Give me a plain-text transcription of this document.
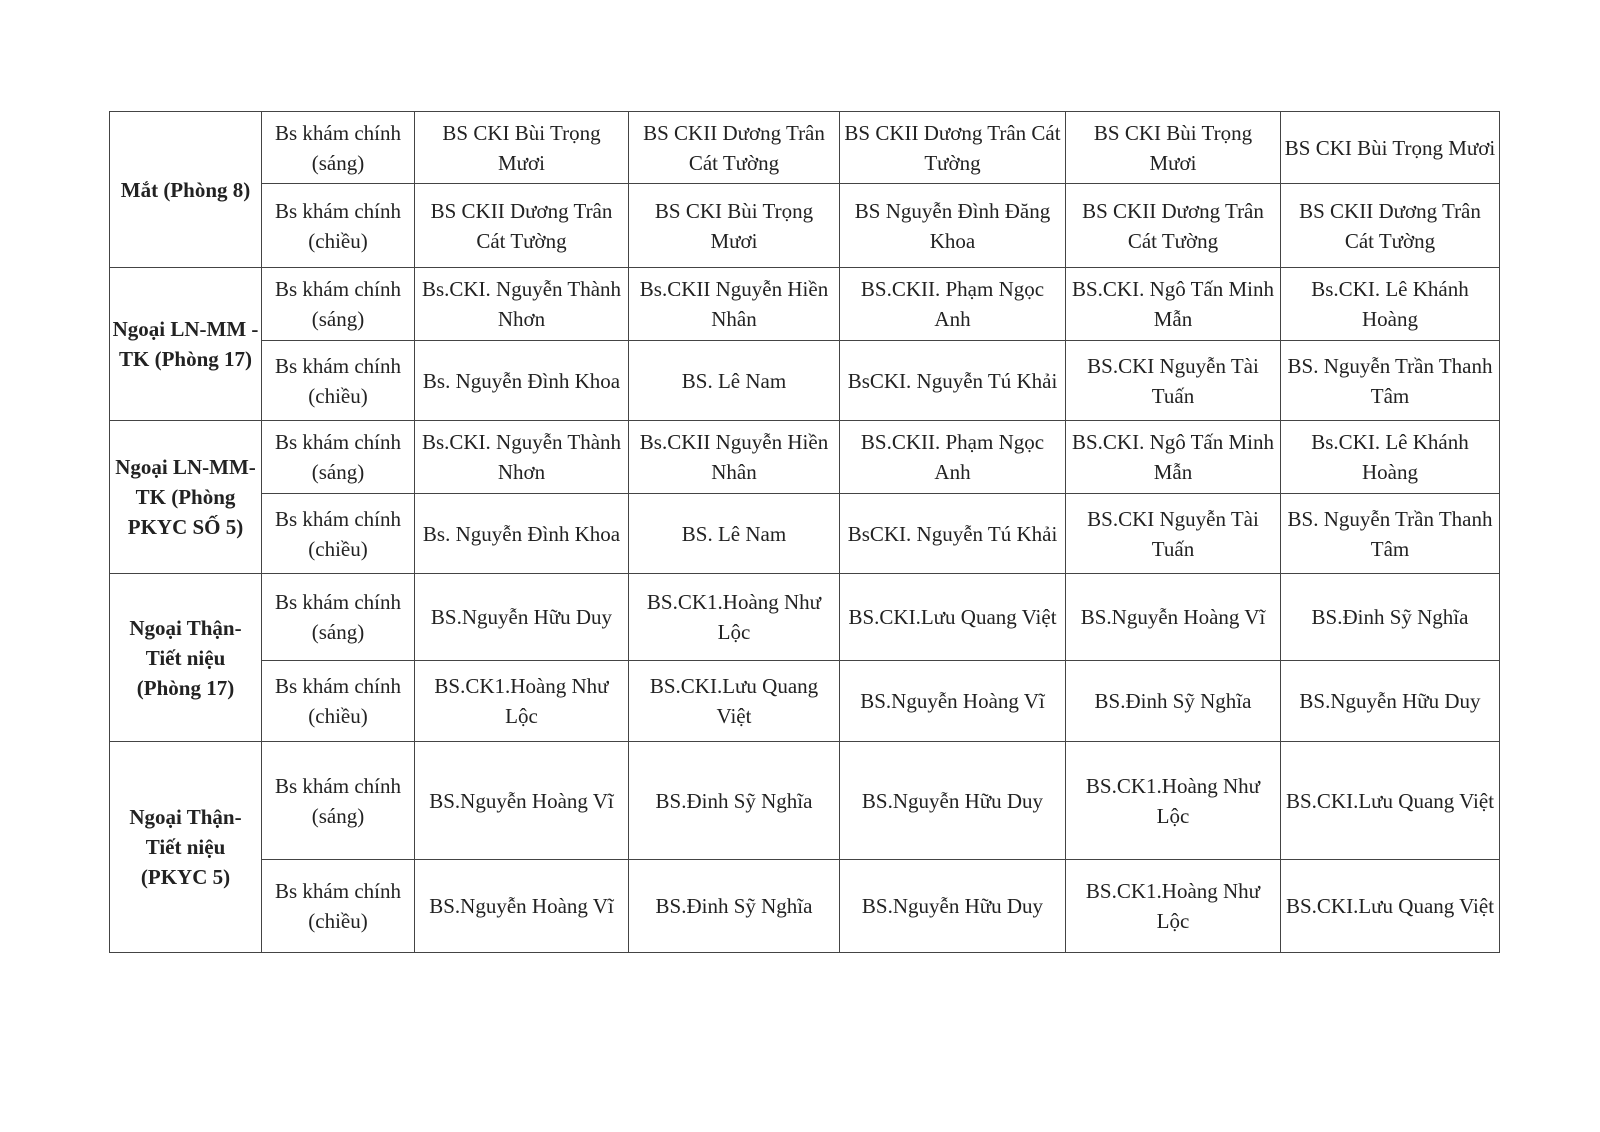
Mắt (Phòng 8)	Bs khám chính (sáng)	BS CKI Bùi Trọng Mươi	BS CKII Dương Trân Cát Tường	BS CKII Dương Trân Cát Tường	BS CKI Bùi Trọng Mươi	BS CKI Bùi Trọng Mươi
	Bs khám chính (chiều)	BS CKII Dương Trân Cát Tường	BS CKI Bùi Trọng Mươi	BS Nguyễn Đình Đăng Khoa	BS CKII Dương Trân Cát Tường	BS CKII Dương Trân Cát Tường
Ngoại LN-MM -TK (Phòng 17)	Bs khám chính (sáng)	Bs.CKI. Nguyễn Thành Nhơn	Bs.CKII Nguyễn Hiền Nhân	BS.CKII. Phạm Ngọc Anh	BS.CKI. Ngô Tấn Minh Mẫn	Bs.CKI. Lê Khánh Hoàng
	Bs khám chính (chiều)	Bs. Nguyễn Đình Khoa	BS. Lê Nam	BsCKI. Nguyễn Tú Khải	BS.CKI Nguyễn Tài Tuấn	BS. Nguyễn Trần Thanh Tâm
Ngoại LN-MM- TK (Phòng PKYC SỐ 5)	Bs khám chính (sáng)	Bs.CKI. Nguyễn Thành Nhơn	Bs.CKII Nguyễn Hiền Nhân	BS.CKII. Phạm Ngọc Anh	BS.CKI. Ngô Tấn Minh Mẫn	Bs.CKI. Lê Khánh Hoàng
	Bs khám chính (chiều)	Bs. Nguyễn Đình Khoa	BS. Lê Nam	BsCKI. Nguyễn Tú Khải	BS.CKI Nguyễn Tài Tuấn	BS. Nguyễn Trần Thanh Tâm
Ngoại Thận-Tiết niệu (Phòng 17)	Bs khám chính (sáng)	BS.Nguyễn Hữu Duy	BS.CK1.Hoàng Như Lộc	BS.CKI.Lưu Quang Việt	BS.Nguyễn Hoàng Vĩ	BS.Đinh Sỹ Nghĩa
	Bs khám chính (chiều)	BS.CK1.Hoàng Như Lộc	BS.CKI.Lưu Quang Việt	BS.Nguyễn Hoàng Vĩ	BS.Đinh Sỹ Nghĩa	BS.Nguyễn Hữu Duy
Ngoại Thận-Tiết niệu (PKYC 5)	Bs khám chính (sáng)	BS.Nguyễn Hoàng Vĩ	BS.Đinh Sỹ Nghĩa	BS.Nguyễn Hữu Duy	BS.CK1.Hoàng Như Lộc	BS.CKI.Lưu Quang Việt
	Bs khám chính (chiều)	BS.Nguyễn Hoàng Vĩ	BS.Đinh Sỹ Nghĩa	BS.Nguyễn Hữu Duy	BS.CK1.Hoàng Như Lộc	BS.CKI.Lưu Quang Việt
